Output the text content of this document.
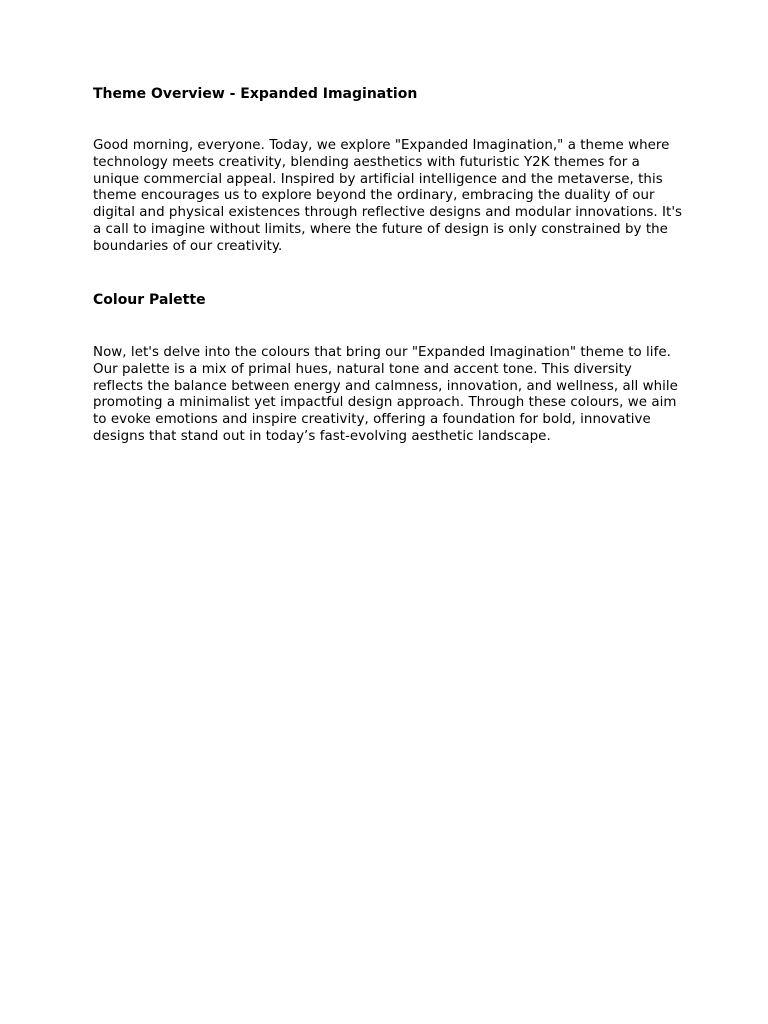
Theme Overview - Expanded Imagination
Good morning, everyone. Today, we explore "Expanded Imagination," a theme where technology meets creativity, blending aesthetics with futuristic Y2K themes for a unique commercial appeal. Inspired by artificial intelligence and the metaverse, this theme encourages us to explore beyond the ordinary, embracing the duality of our digital and physical existences through reflective designs and modular innovations. It's a call to imagine without limits, where the future of design is only constrained by the boundaries of our creativity.
Colour Palette
Now, let's delve into the colours that bring our "Expanded Imagination" theme to life. Our palette is a mix of primal hues, natural tone and accent tone. This diversity reflects the balance between energy and calmness, innovation, and wellness, all while promoting a minimalist yet impactful design approach. Through these colours, we aim to evoke emotions and inspire creativity, offering a foundation for bold, innovative designs that stand out in today’s fast-evolving aesthetic landscape.
